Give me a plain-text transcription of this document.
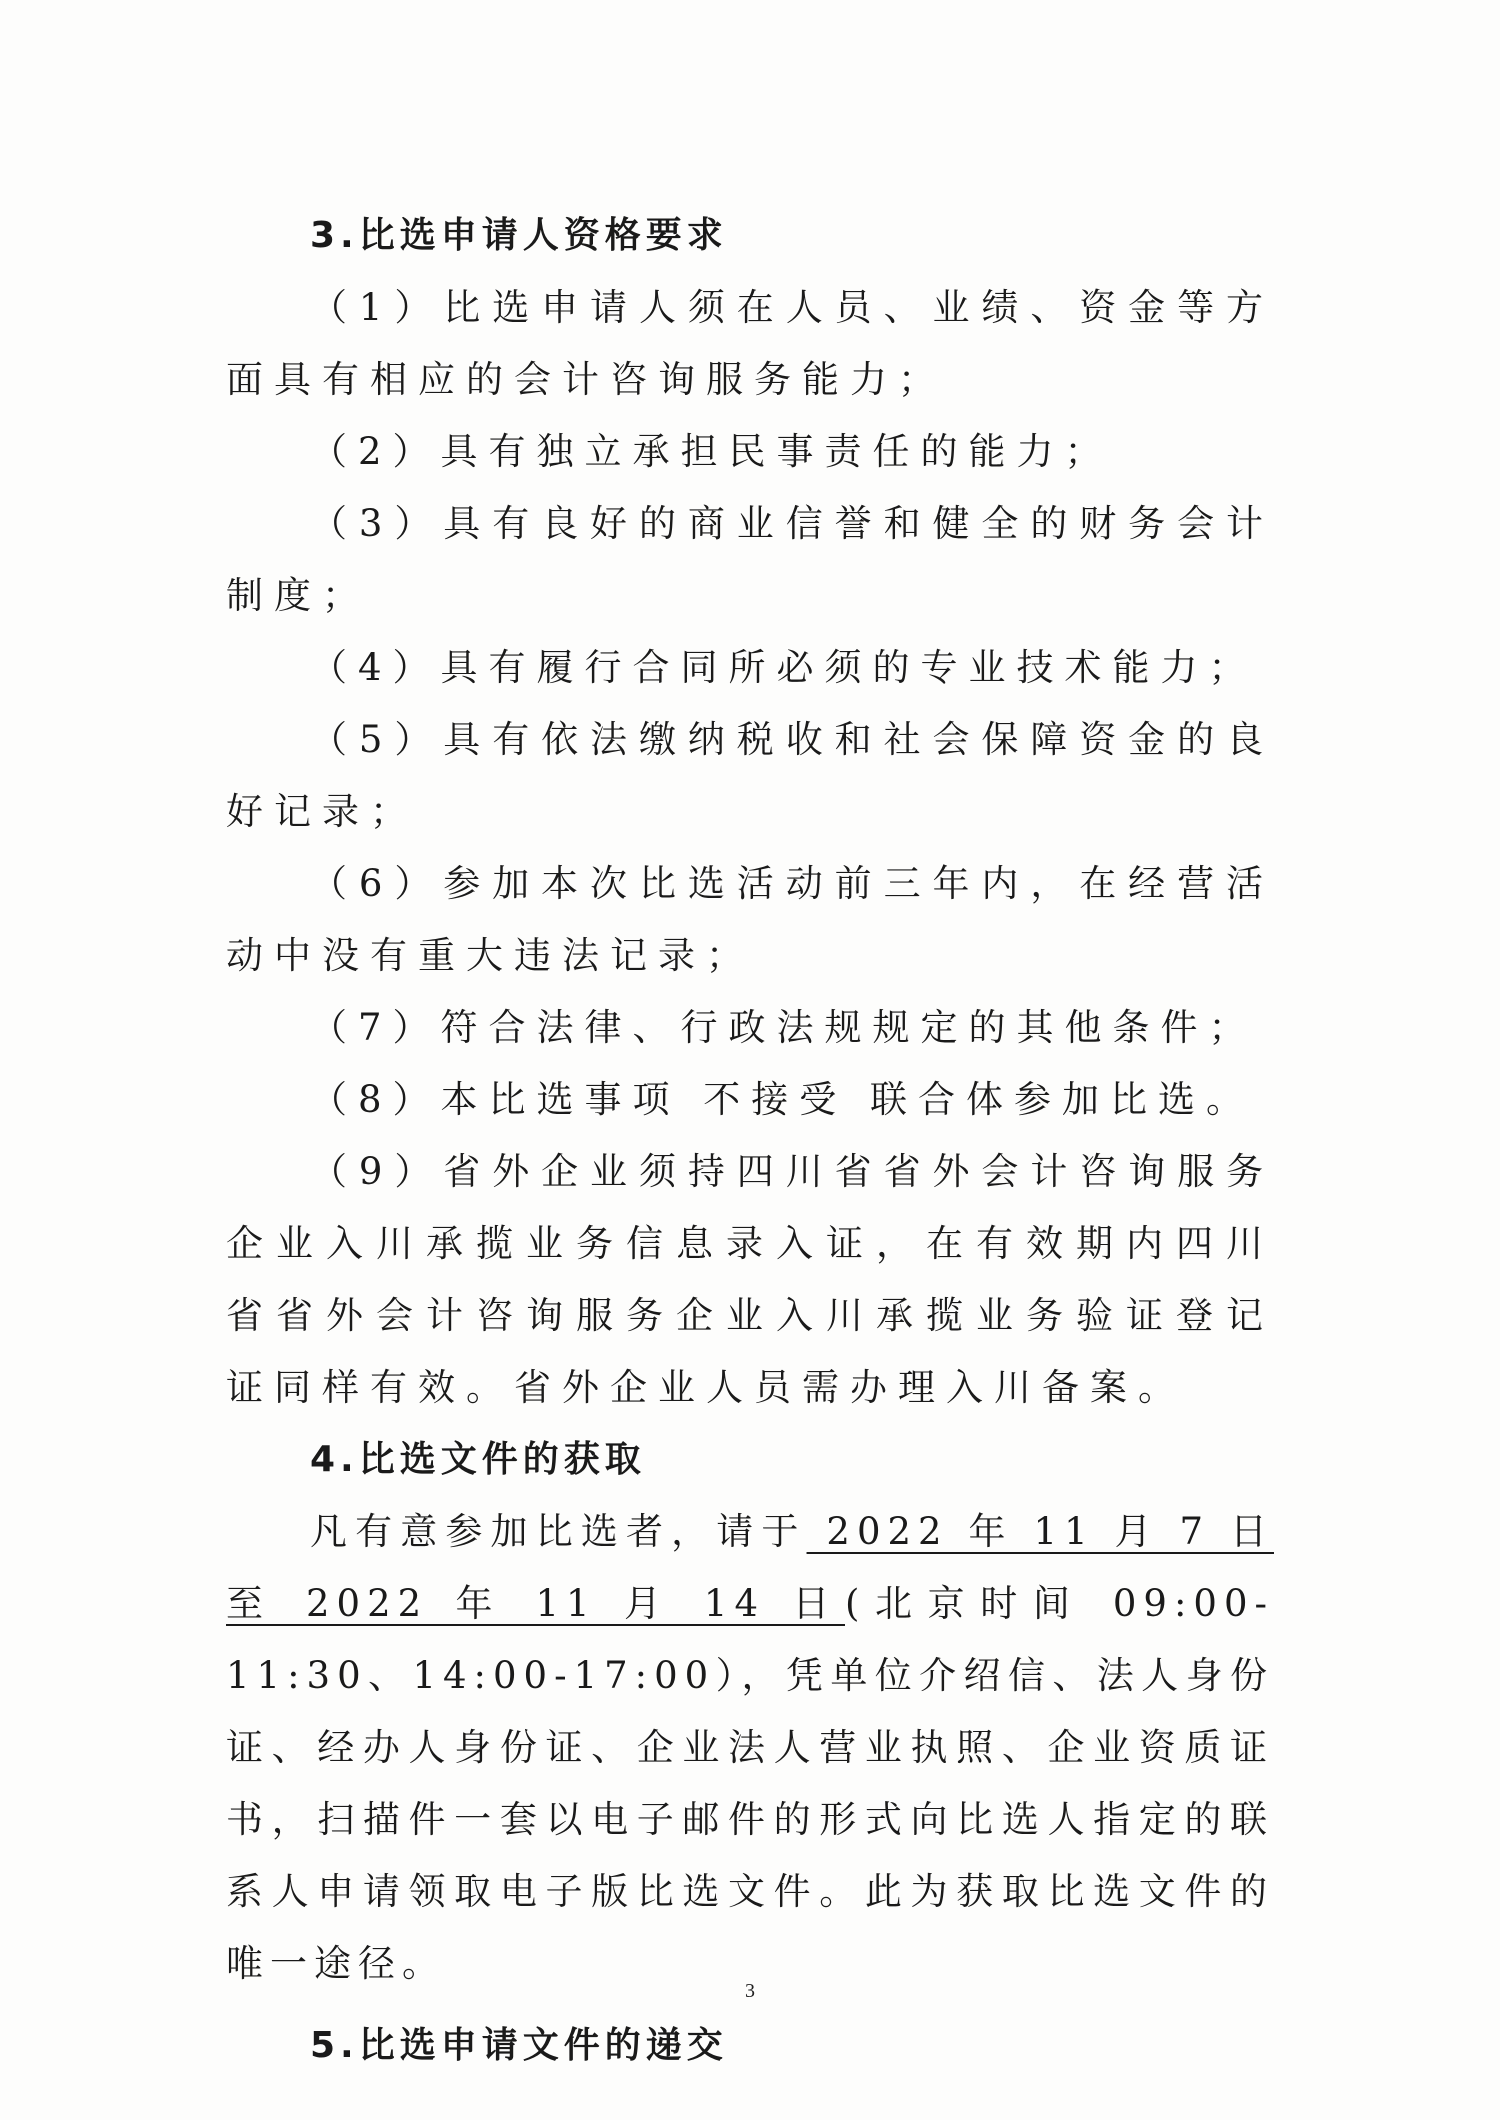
3.比选申请人资格要求
（1）比选申请人须在人员、业绩、资金等方面具有相应的会计咨询服务能力；
（2）具有独立承担民事责任的能力；
（3）具有良好的商业信誉和健全的财务会计制度；
（4）具有履行合同所必须的专业技术能力；
（5）具有依法缴纳税收和社会保障资金的良好记录；
（6）参加本次比选活动前三年内，在经营活动中没有重大违法记录；
（7）符合法律、行政法规规定的其他条件；
（8）本比选事项 不接受 联合体参加比选。
（9）省外企业须持四川省省外会计咨询服务企业入川承揽业务信息录入证，在有效期内四川省省外会计咨询服务企业入川承揽业务验证登记证同样有效。省外企业人员需办理入川备案。
4.比选文件的获取
凡有意参加比选者，请于 2022 年 11 月 7 日至 2022 年 11 月 14 日(北京时间 09:00-11:30、14:00-17:00），凭单位介绍信、法人身份证、经办人身份证、企业法人营业执照、企业资质证书，扫描件一套以电子邮件的形式向比选人指定的联系人申请领取电子版比选文件。此为获取比选文件的唯一途径。
5.比选申请文件的递交
3
